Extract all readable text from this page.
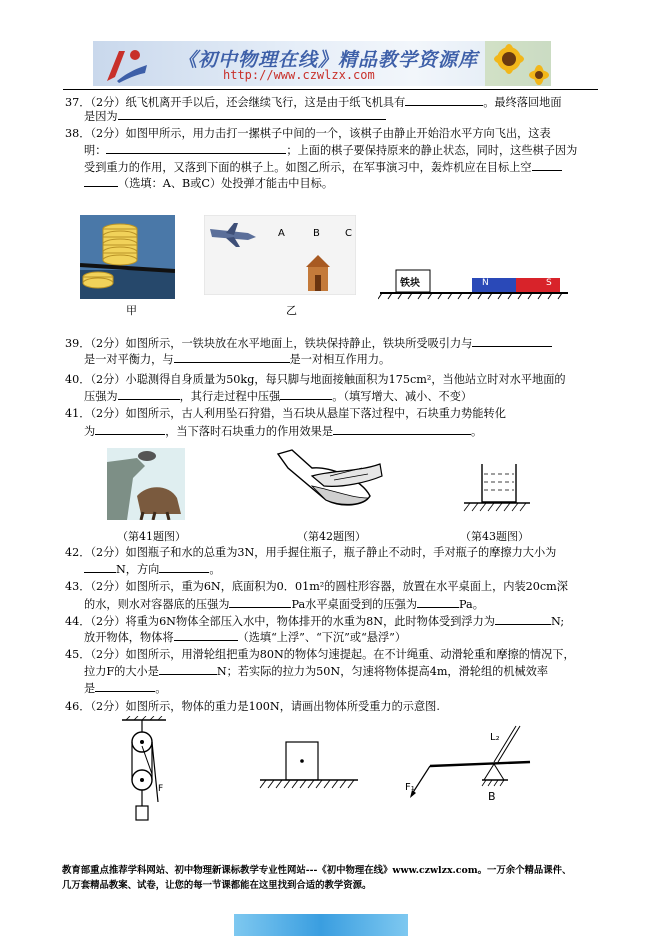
《初中物理在线》精品教学资源库
http://www.czwlzx.com
37．（2分）纸飞机离开手以后，还会继续飞行，这是由于纸飞机具有	。最终落回地面
是因为
38．（2分）如图甲所示，用力击打一摞棋子中间的一个，该棋子由静止开始沿水平方向飞出，这表
明：	；上面的棋子要保持原来的静止状态，同时，这些棋子因为
受到重力的作用，又落到下面的棋子上。如图乙所示，在军事演习中，轰炸机应在目标上空
（选填：A、B或C）处投弹才能击中目标。
甲
A	B	C
乙
铁块	N	S
39．（2分）如图所示，一铁块放在水平地面上，铁块保持静止，铁块所受吸引力与
是一对平衡力，与	是一对相互作用力。
40．（2分）小聪测得自身质量为50kg，每只脚与地面接触面积为175cm²，当他站立时对水平地面的
压强为	，其行走过程中压强	。（填写增大、减小、不变）
41．（2分）如图所示，古人利用坠石狩猎，当石块从悬崖下落过程中，石块重力势能转化
为	，当下落时石块重力的作用效果是	。
（第41题图）	（第42题图）	（第43题图）
42．（2分）如图瓶子和水的总重为3N，用手握住瓶子，瓶子静止不动时，手对瓶子的摩擦力大小为
N，方向	。
43．（2分）如图所示，重为6N，底面积为0．01m²的圆柱形容器，放置在水平桌面上，内装20cm深
的水，则水对容器底的压强为	Pa水平桌面受到的压强为	Pa。
44．（2分）将重为6N物体全部压入水中，物体排开的水重为8N，此时物体受到浮力为	N;
放开物体，物体将	（选填“上浮”、“下沉”或“悬浮”）
45．（2分）如图所示，用滑轮组把重为80N的物体匀速提起。在不计绳重、动滑轮重和摩擦的情况下，
拉力F的大小是	N；若实际的拉力为50N，匀速将物体提高4m，滑轮组的机械效率
是	。
46．（2分）如图所示，物体的重力是100N，请画出物体所受重力的示意图.
F
L₂
F₁
B
教育部重点推荐学科网站、初中物理新课标教学专业性网站---《初中物理在线》www.czwlzx.com。一万余个精品课件、
几万套精品教案、试卷，让您的每一节课都能在这里找到合适的教学资源。
